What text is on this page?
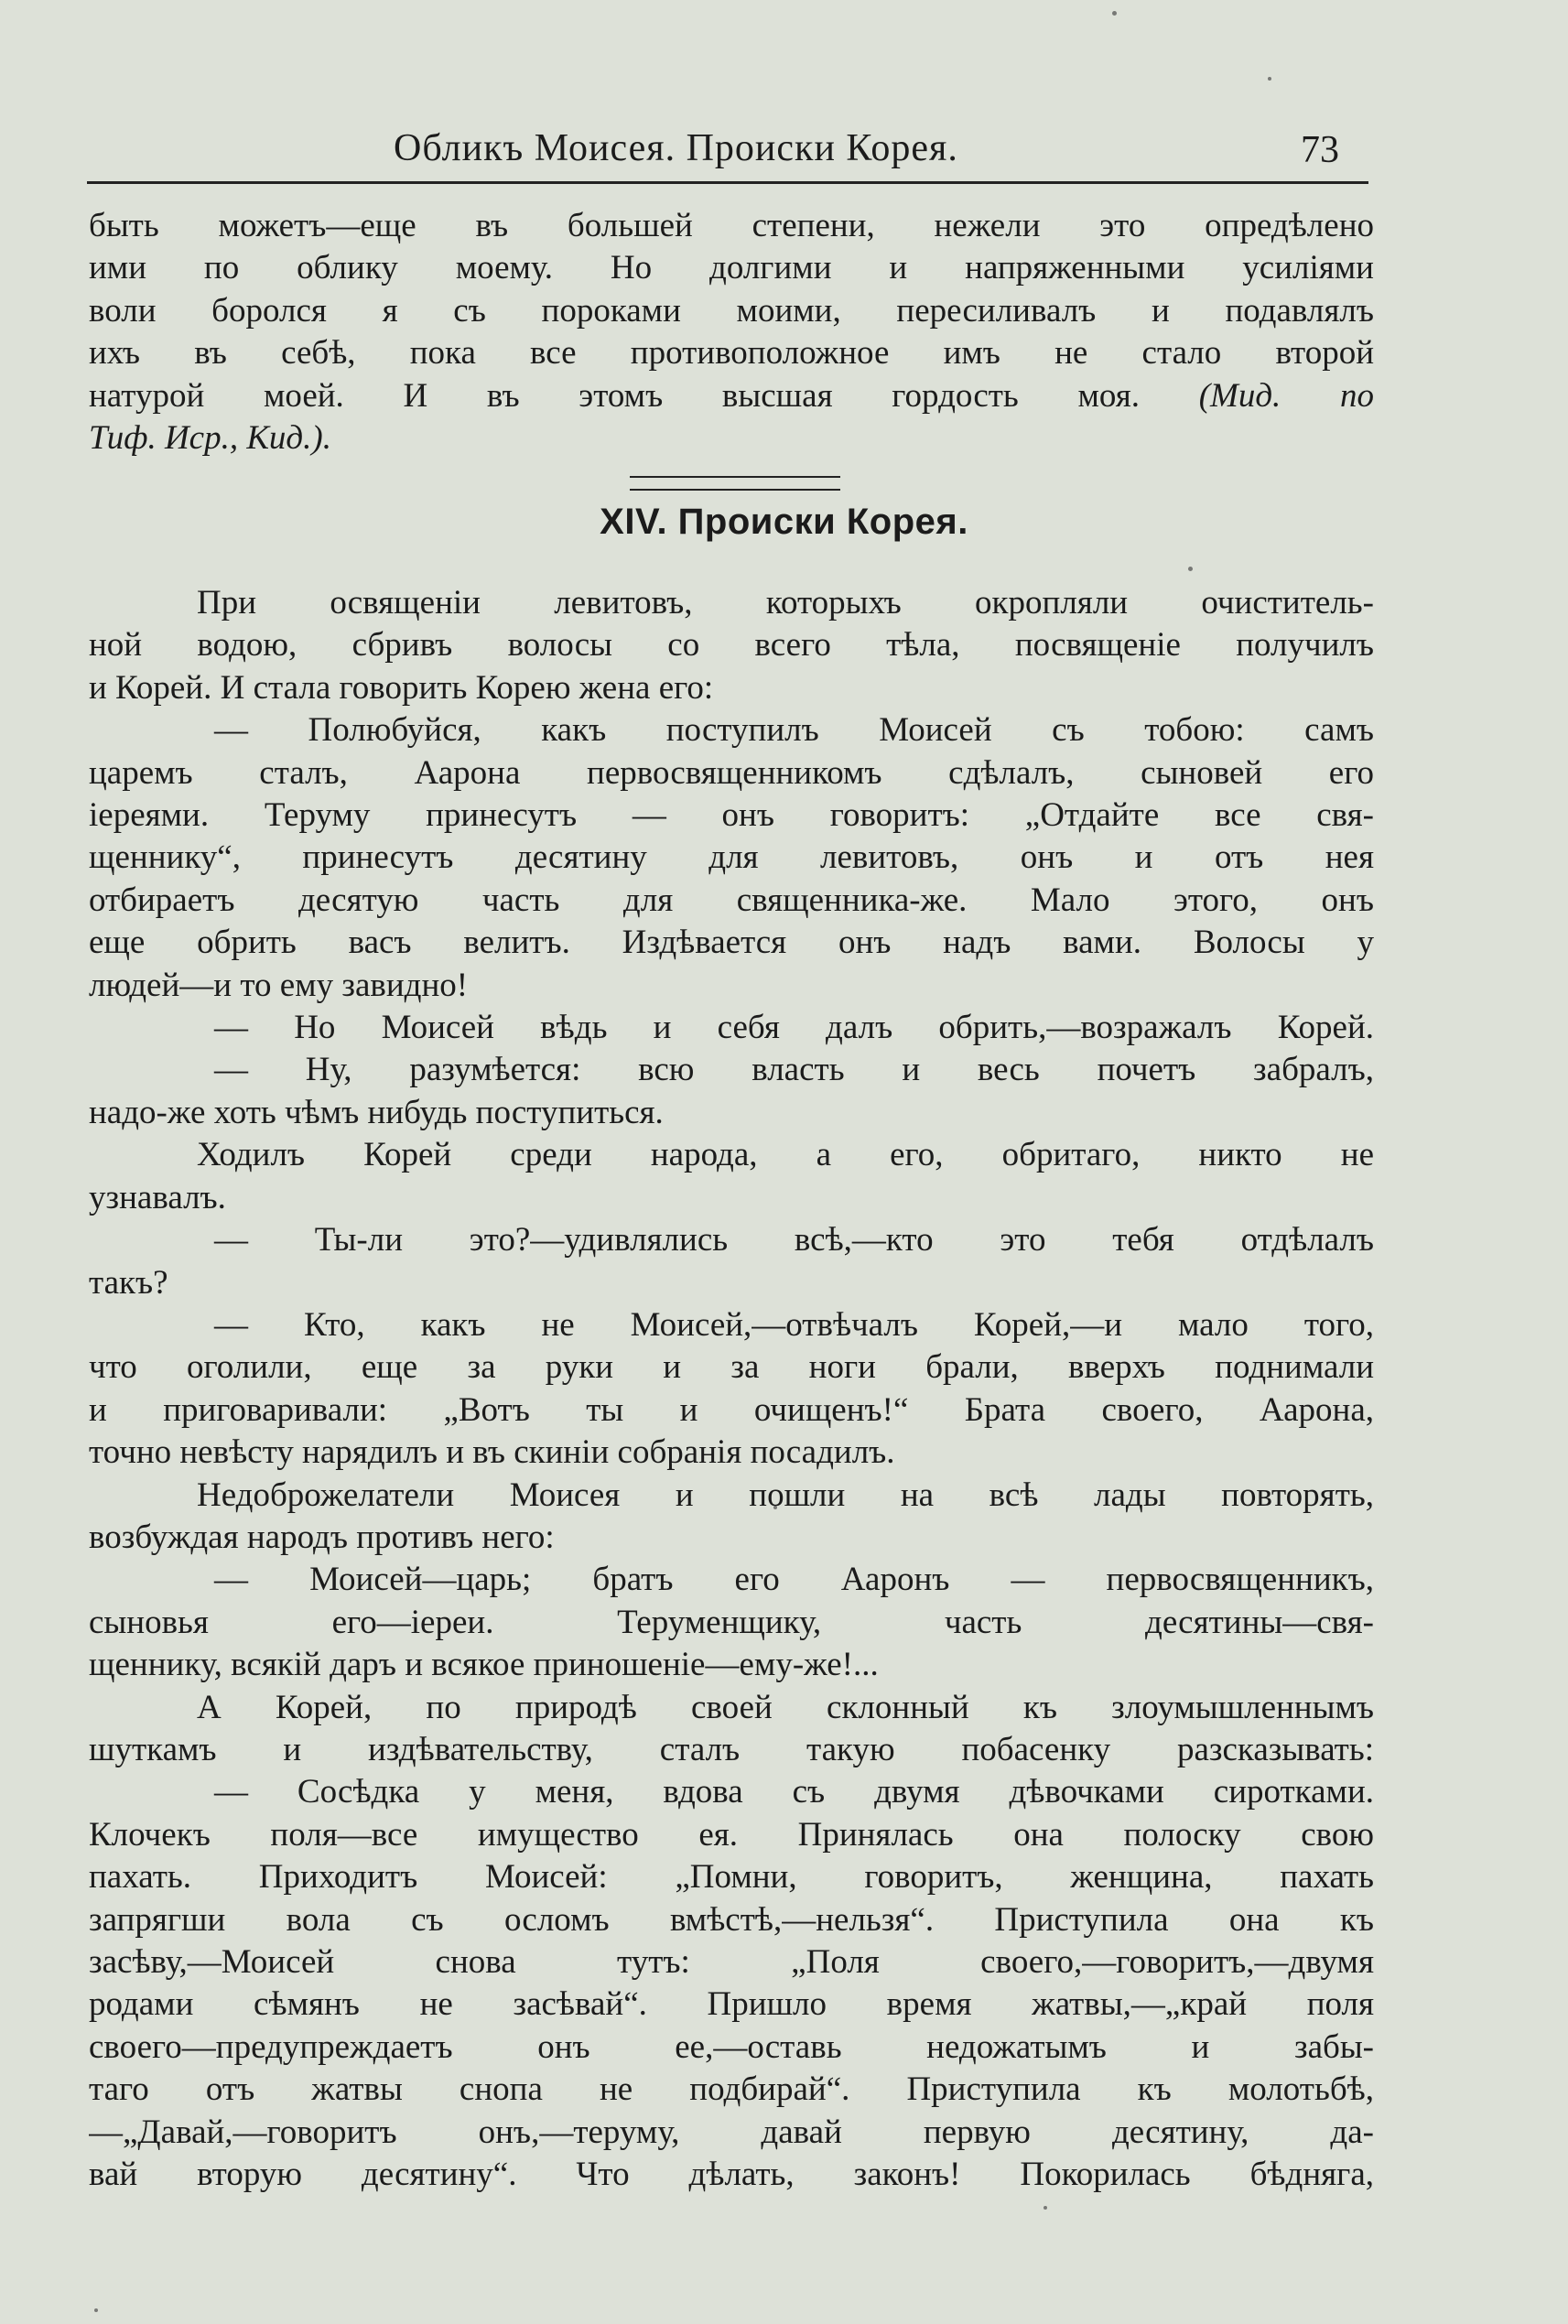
Обликъ Моисея. Происки Корея.	73
быть можетъ—еще въ большей степени, нежели это опредѣлено
ими по облику моему. Но долгими и напряженными усиліями
воли боролся я съ пороками моими, пересиливалъ и подавлялъ
ихъ въ себѣ, пока все противоположное имъ не стало второй
натурой моей. И въ этомъ высшая гордость моя. (Мид. по
Тиф. Иср., Кид.).
XIV. Происки Корея.
При освященіи левитовъ, которыхъ окропляли очиститель-
ной водою, сбривъ волосы со всего тѣла, посвященіе получилъ
и Корей. И стала говорить Корею жена его:
— Полюбуйся, какъ поступилъ Моисей съ тобою: самъ
царемъ сталъ, Аарона первосвященникомъ сдѣлалъ, сыновей его
іереями. Теруму принесутъ — онъ говоритъ: „Отдайте все свя-
щеннику“, принесутъ десятину для левитовъ, онъ и отъ нея
отбираетъ десятую часть для священника-же. Мало этого, онъ
еще обрить васъ велитъ. Издѣвается онъ надъ вами. Волосы у
людей—и то ему завидно!
— Но Моисей вѣдь и себя далъ обрить,—возражалъ Корей.
— Ну, разумѣется: всю власть и весь почетъ забралъ,
надо-же хоть чѣмъ нибудь поступиться.
Ходилъ Корей среди народа, а его, обритаго, никто не
узнавалъ.
— Ты-ли это?—удивлялись всѣ,—кто это тебя отдѣлалъ
такъ?
— Кто, какъ не Моисей,—отвѣчалъ Корей,—и мало того,
что оголили, еще за руки и за ноги брали, вверхъ поднимали
и приговаривали: „Вотъ ты и очищенъ!“ Брата своего, Аарона,
точно невѣсту нарядилъ и въ скиніи собранія посадилъ.
Недоброжелатели Моисея и пошли на всѣ лады повторять,
возбуждая народъ противъ него:
— Моисей—царь; братъ его Ааронъ — первосвященникъ,
сыновья его—іереи. Теруменщику, часть десятины—свя-
щеннику, всякій даръ и всякое приношеніе—ему-же!...
А Корей, по природѣ своей склонный къ злоумышленнымъ
шуткамъ и издѣвательству, сталъ такую побасенку разсказывать:
— Сосѣдка у меня, вдова съ двумя дѣвочками сиротками.
Клочекъ поля—все имущество ея. Принялась она полоску свою
пахать. Приходитъ Моисей: „Помни, говоритъ, женщина, пахать
запрягши вола съ осломъ вмѣстѣ,—нельзя“. Приступила она къ
засѣву,—Моисей снова тутъ: „Поля своего,—говоритъ,—двумя
родами сѣмянъ не засѣвай“. Пришло время жатвы,—„край поля
своего—предупреждаетъ онъ ее,—оставь недожатымъ и забы-
таго отъ жатвы снопа не подбирай“. Приступила къ молотьбѣ,
—„Давай,—говоритъ онъ,—теруму, давай первую десятину, да-
вай вторую десятину“. Что дѣлать, законъ! Покорилась бѣдняга,
